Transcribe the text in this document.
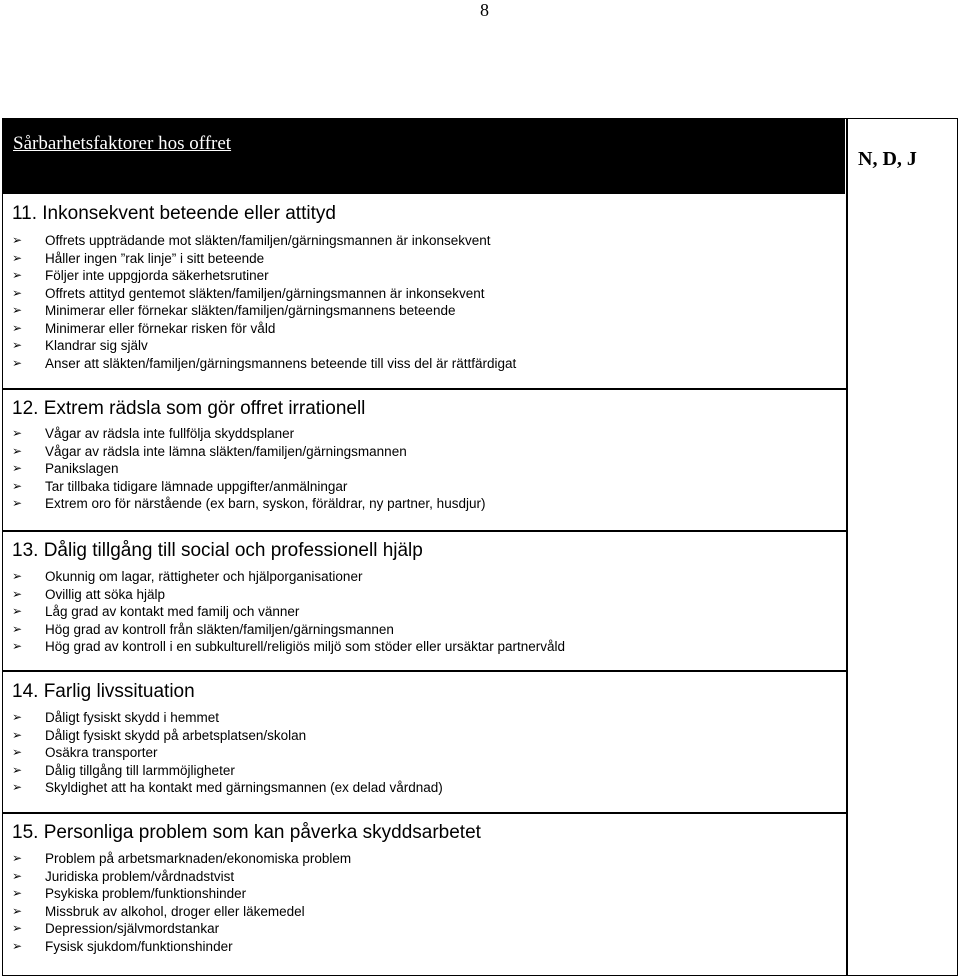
8
Sårbarhetsfaktorer hos offret
N, D, J
11. Inkonsekvent beteende eller attityd
➢ Offrets uppträdande mot släkten/familjen/gärningsmannen är inkonsekvent
➢ Håller ingen ”rak linje” i sitt beteende
➢ Följer inte uppgjorda säkerhetsrutiner
➢ Offrets attityd gentemot släkten/familjen/gärningsmannen är inkonsekvent
➢ Minimerar eller förnekar släkten/familjen/gärningsmannens beteende
➢ Minimerar eller förnekar risken för våld
➢ Klandrar sig själv
➢ Anser att släkten/familjen/gärningsmannens beteende till viss del är rättfärdigat
12. Extrem rädsla som gör offret irrationell
➢ Vågar av rädsla inte fullfölja skyddsplaner
➢ Vågar av rädsla inte lämna släkten/familjen/gärningsmannen
➢ Panikslagen
➢ Tar tillbaka tidigare lämnade uppgifter/anmälningar
➢ Extrem oro för närstående (ex barn, syskon, föräldrar, ny partner, husdjur)
13. Dålig tillgång till social och professionell hjälp
➢ Okunnig om lagar, rättigheter och hjälporganisationer
➢ Ovillig att söka hjälp
➢ Låg grad av kontakt med familj och vänner
➢ Hög grad av kontroll från släkten/familjen/gärningsmannen
➢ Hög grad av kontroll i en subkulturell/religiös miljö som stöder eller ursäktar partnervåld
14. Farlig livssituation
➢ Dåligt fysiskt skydd i hemmet
➢ Dåligt fysiskt skydd på arbetsplatsen/skolan
➢ Osäkra transporter
➢ Dålig tillgång till larmmöjligheter
➢ Skyldighet att ha kontakt med gärningsmannen (ex delad vårdnad)
15. Personliga problem som kan påverka skyddsarbetet
➢ Problem på arbetsmarknaden/ekonomiska problem
➢ Juridiska problem/vårdnadstvist
➢ Psykiska problem/funktionshinder
➢ Missbruk av alkohol, droger eller läkemedel
➢ Depression/självmordstankar
➢ Fysisk sjukdom/funktionshinder
